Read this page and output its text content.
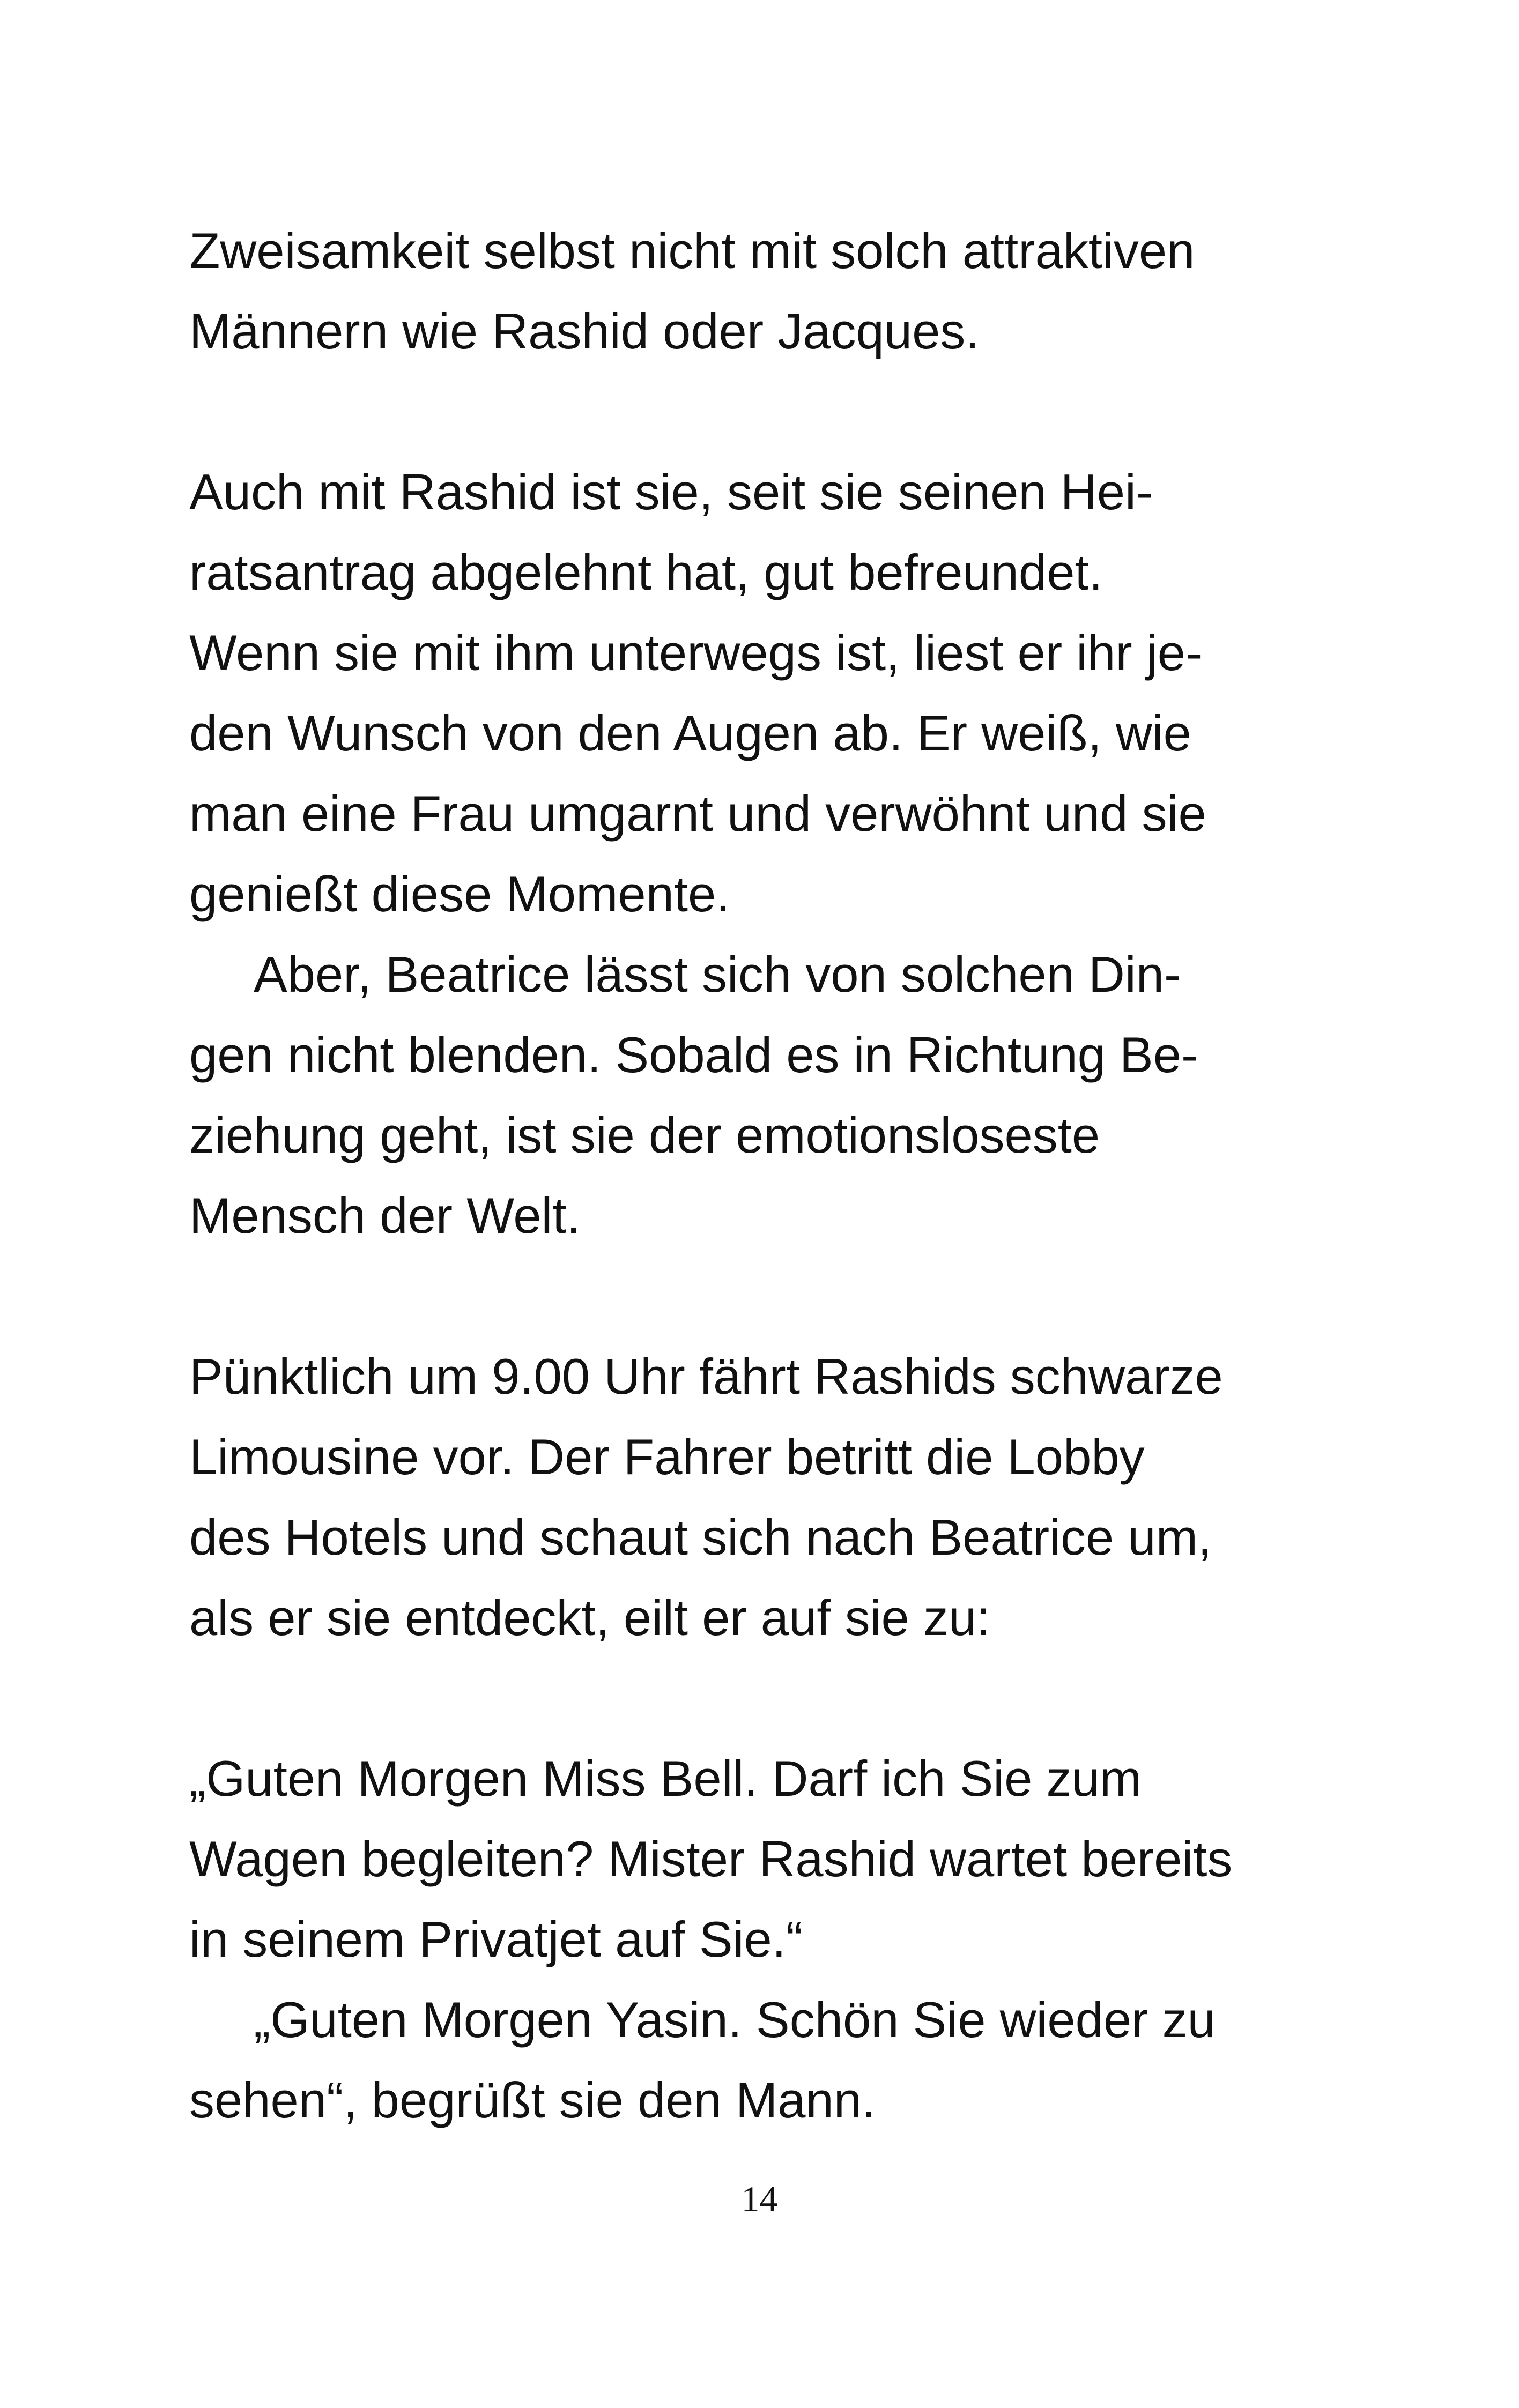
Zweisamkeit selbst nicht mit solch attraktiven
Männern wie Rashid oder Jacques.
Auch mit Rashid ist sie, seit sie seinen Hei-
ratsantrag abgelehnt hat, gut befreundet.
Wenn sie mit ihm unterwegs ist, liest er ihr je-
den Wunsch von den Augen ab. Er weiß, wie
man eine Frau umgarnt und verwöhnt und sie
genießt diese Momente.
Aber, Beatrice lässt sich von solchen Din-
gen nicht blenden. Sobald es in Richtung Be-
ziehung geht, ist sie der emotionsloseste
Mensch der Welt.
Pünktlich um 9.00 Uhr fährt Rashids schwarze
Limousine vor. Der Fahrer betritt die Lobby
des Hotels und schaut sich nach Beatrice um,
als er sie entdeckt, eilt er auf sie zu:
„Guten Morgen Miss Bell. Darf ich Sie zum
Wagen begleiten? Mister Rashid wartet bereits
in seinem Privatjet auf Sie.“
„Guten Morgen Yasin. Schön Sie wieder zu
sehen“, begrüßt sie den Mann.
14
